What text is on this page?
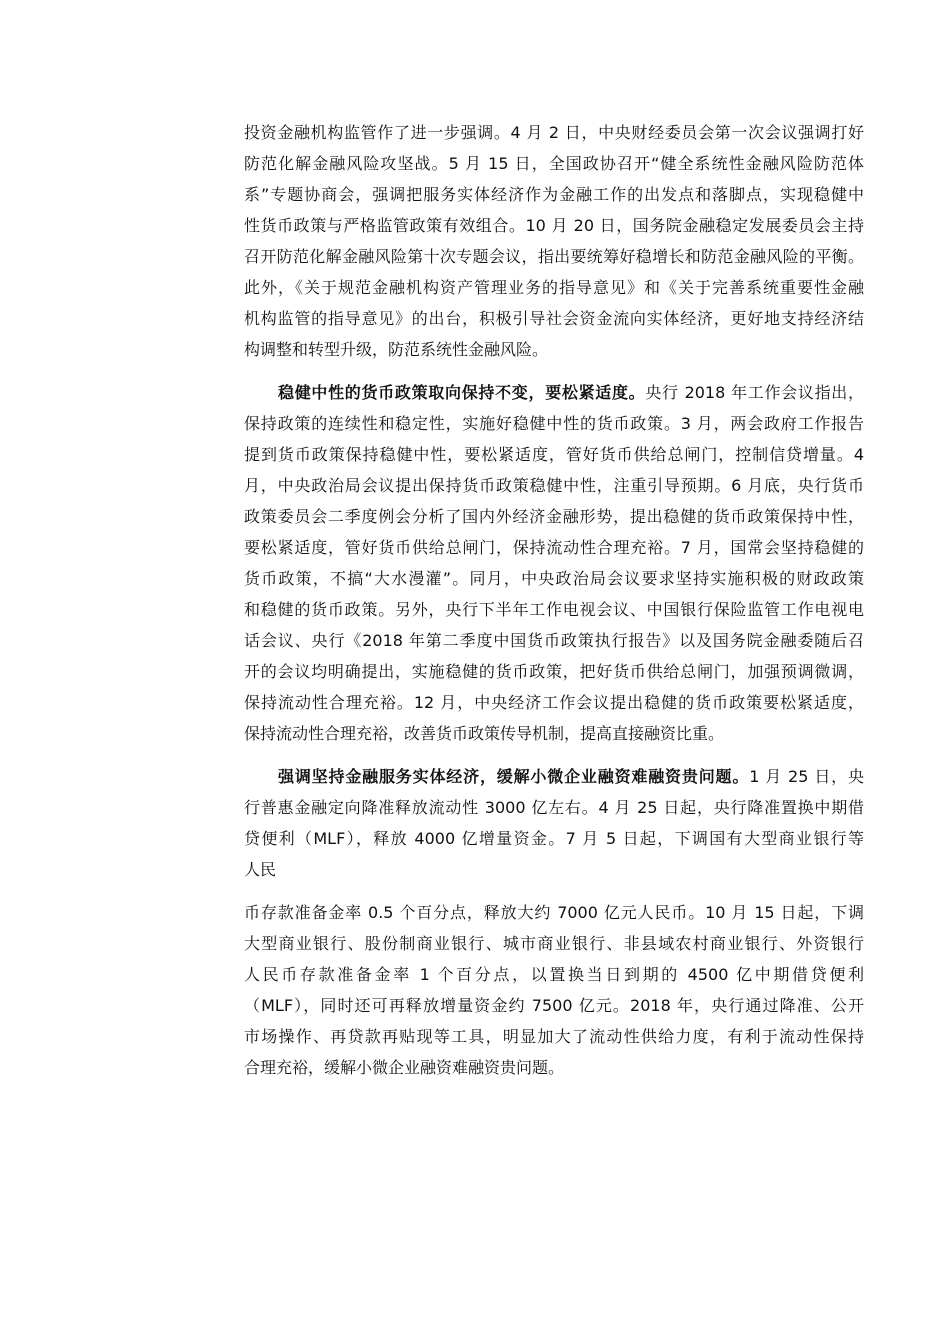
投资金融机构监管作了进一步强调。4 月 2 日，中央财经委员会第一次会议强调打好
防范化解金融风险攻坚战。5 月 15 日，全国政协召开“健全系统性金融风险防范体
系”专题协商会，强调把服务实体经济作为金融工作的出发点和落脚点，实现稳健中
性货币政策与严格监管政策有效组合。10 月 20 日，国务院金融稳定发展委员会主持
召开防范化解金融风险第十次专题会议，指出要统筹好稳增长和防范金融风险的平衡。
此外，《关于规范金融机构资产管理业务的指导意见》和《关于完善系统重要性金融
机构监管的指导意见》的出台，积极引导社会资金流向实体经济，更好地支持经济结
构调整和转型升级，防范系统性金融风险。
稳健中性的货币政策取向保持不变，要松紧适度。央行 2018 年工作会议指出，
保持政策的连续性和稳定性，实施好稳健中性的货币政策。3 月，两会政府工作报告
提到货币政策保持稳健中性，要松紧适度，管好货币供给总闸门，控制信贷增量。4
月，中央政治局会议提出保持货币政策稳健中性，注重引导预期。6 月底，央行货币
政策委员会二季度例会分析了国内外经济金融形势，提出稳健的货币政策保持中性，
要松紧适度，管好货币供给总闸门，保持流动性合理充裕。7 月，国常会坚持稳健的
货币政策，不搞“大水漫灌”。同月，中央政治局会议要求坚持实施积极的财政政策
和稳健的货币政策。另外，央行下半年工作电视会议、中国银行保险监管工作电视电
话会议、央行《2018 年第二季度中国货币政策执行报告》以及国务院金融委随后召
开的会议均明确提出，实施稳健的货币政策，把好货币供给总闸门，加强预调微调，
保持流动性合理充裕。12 月，中央经济工作会议提出稳健的货币政策要松紧适度，
保持流动性合理充裕，改善货币政策传导机制，提高直接融资比重。
强调坚持金融服务实体经济，缓解小微企业融资难融资贵问题。1 月 25 日，央
行普惠金融定向降准释放流动性 3000 亿左右。4 月 25 日起，央行降准置换中期借
贷便利（MLF），释放 4000 亿增量资金。7 月 5 日起，下调国有大型商业银行等
人民
币存款准备金率 0.5 个百分点，释放大约 7000 亿元人民币。10 月 15 日起，下调
大型商业银行、股份制商业银行、城市商业银行、非县域农村商业银行、外资银行
人民币存款准备金率 1 个百分点，以置换当日到期的 4500 亿中期借贷便利
（MLF），同时还可再释放增量资金约 7500 亿元。2018 年，央行通过降准、公开
市场操作、再贷款再贴现等工具，明显加大了流动性供给力度，有利于流动性保持
合理充裕，缓解小微企业融资难融资贵问题。
